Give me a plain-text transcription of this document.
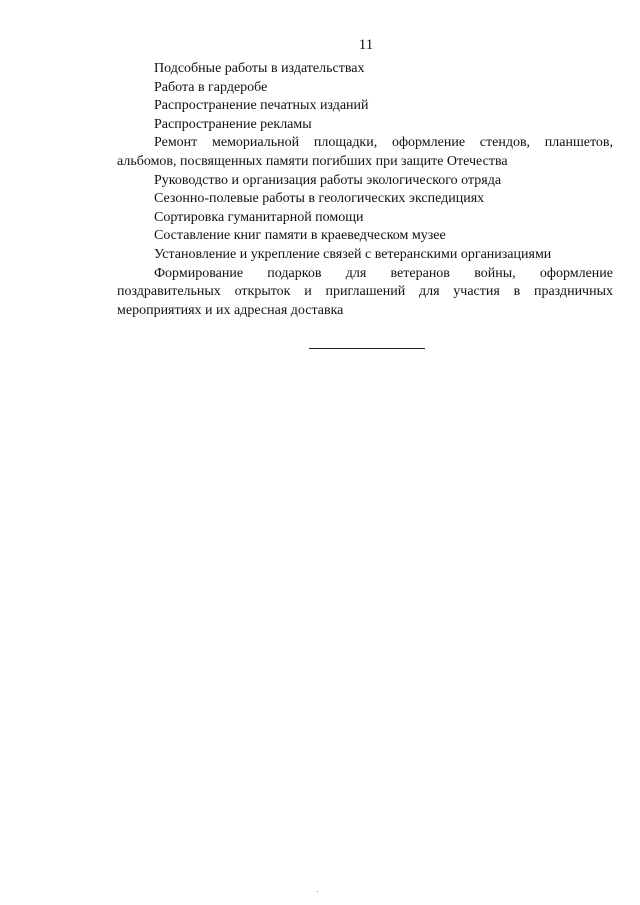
11

Подсобные работы в издательствах

Работа в гардеробе

Распространение печатных изданий

Распространение рекламы

Ремонт мемориальной площадки, оформление стендов, планшетов, альбомов, посвященных памяти погибших при защите Отечества

Руководство и организация работы экологического отряда

Сезонно-полевые работы в геологических экспедициях

Сортировка гуманитарной помощи

Составление книг памяти в краеведческом музее

Установление и укрепление связей с ветеранскими организациями

Формирование подарков для ветеранов войны, оформление поздравительных открыток и приглашений для участия в праздничных мероприятиях и их адресная доставка
